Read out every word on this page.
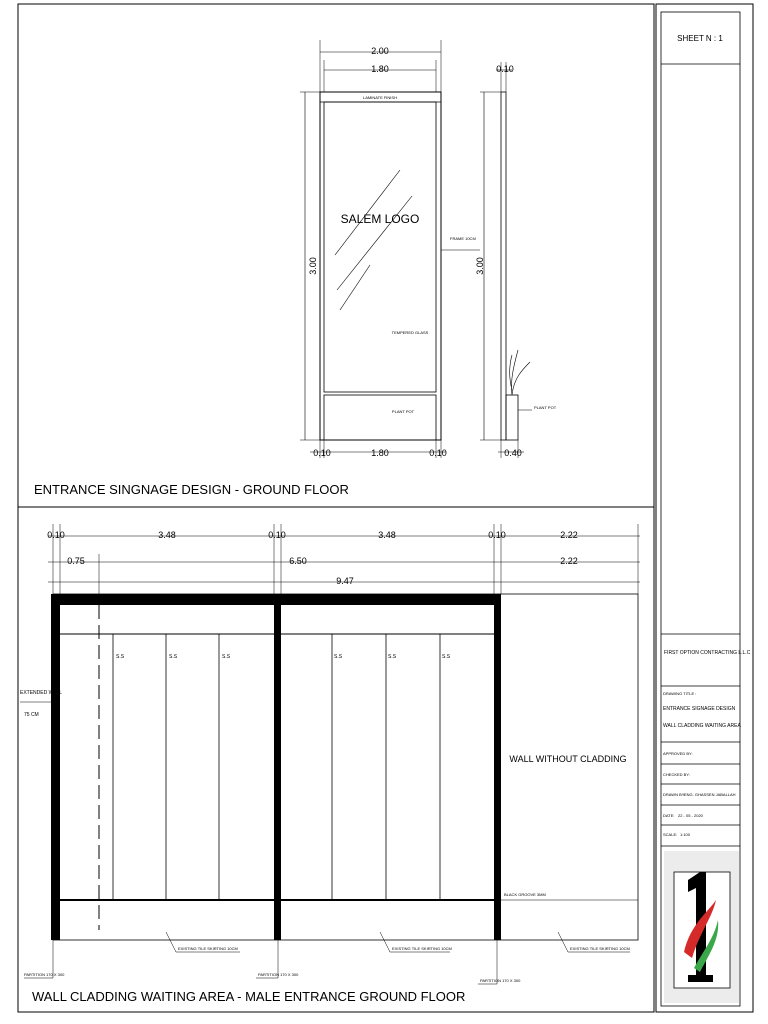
SHEET N : 1
FIRST OPTION CONTRACTING L.L.C
DRAWING TITLE :
ENTRANCE SIGNAGE DESIGN
WALL CLADDING WAITING AREA
APPROVED BY:
CHECKED BY:
DRAWN BY:
ENG. GHASSEN JABALLAH
DATE: 22 - 05 - 2020
SCALE: 1:100
LAMINATE FINISH
SALEM LOGO
TEMPERED GLASS
PLANT POT
FRAME 10CM
2.00
1.80
3.00
0.10	1.80	0.10
PLANT POT
3.00
0.10
0.40
ENTRANCE SINGNAGE DESIGN - GROUND FLOOR
0.10	3.48	0.10	3.48	0.10	2.22
0.75	6.50	2.22
9.47
S.S	S.S	S.S	S.S	S.S	S.S
WALL WITHOUT CLADDING
EXTENDED WALL
75 CM
BLACK GROOVE 3MM
EXISTING TILE SKIRTING 10CM	EXISTING TILE SKIRTING 10CM	EXISTING TILE SKIRTING 10CM
PARTITION 170 X 300	PARTITION 170 X 300
PARTITION 170 X 300
WALL CLADDING WAITING AREA - MALE ENTRANCE GROUND FLOOR
